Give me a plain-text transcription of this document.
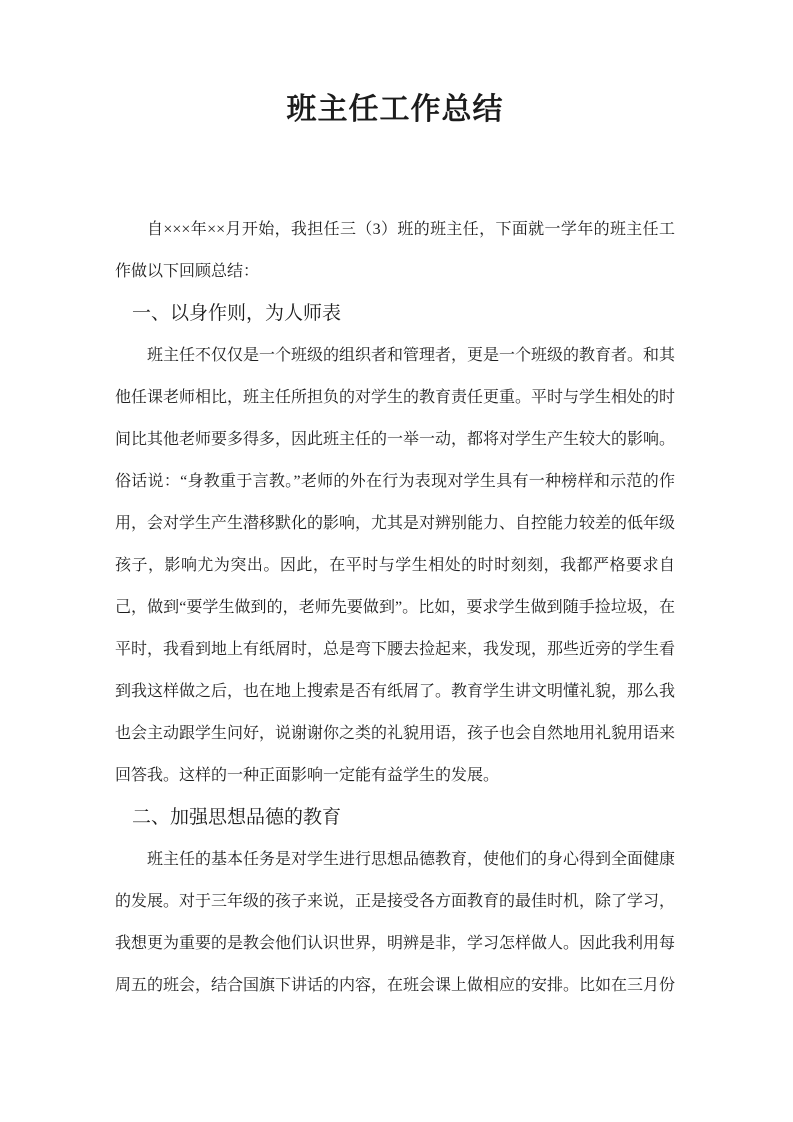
班主任工作总结

自×××年××月开始，我担任三（3）班的班主任，下面就一学年的班主任工作做以下回顾总结：

一、以身作则，为人师表

班主任不仅仅是一个班级的组织者和管理者，更是一个班级的教育者。和其他任课老师相比，班主任所担负的对学生的教育责任更重。平时与学生相处的时间比其他老师要多得多，因此班主任的一举一动，都将对学生产生较大的影响。俗话说：“身教重于言教。”老师的外在行为表现对学生具有一种榜样和示范的作用，会对学生产生潜移默化的影响，尤其是对辨别能力、自控能力较差的低年级孩子，影响尤为突出。因此，在平时与学生相处的时时刻刻，我都严格要求自己，做到“要学生做到的，老师先要做到”。比如，要求学生做到随手捡垃圾，在平时，我看到地上有纸屑时，总是弯下腰去捡起来，我发现，那些近旁的学生看到我这样做之后，也在地上搜索是否有纸屑了。教育学生讲文明懂礼貌，那么我也会主动跟学生问好，说谢谢你之类的礼貌用语，孩子也会自然地用礼貌用语来回答我。这样的一种正面影响一定能有益学生的发展。

二、加强思想品德的教育

班主任的基本任务是对学生进行思想品德教育，使他们的身心得到全面健康的发展。对于三年级的孩子来说，正是接受各方面教育的最佳时机，除了学习，我想更为重要的是教会他们认识世界，明辨是非，学习怎样做人。因此我利用每周五的班会，结合国旗下讲话的内容，在班会课上做相应的安排。比如在三月份
